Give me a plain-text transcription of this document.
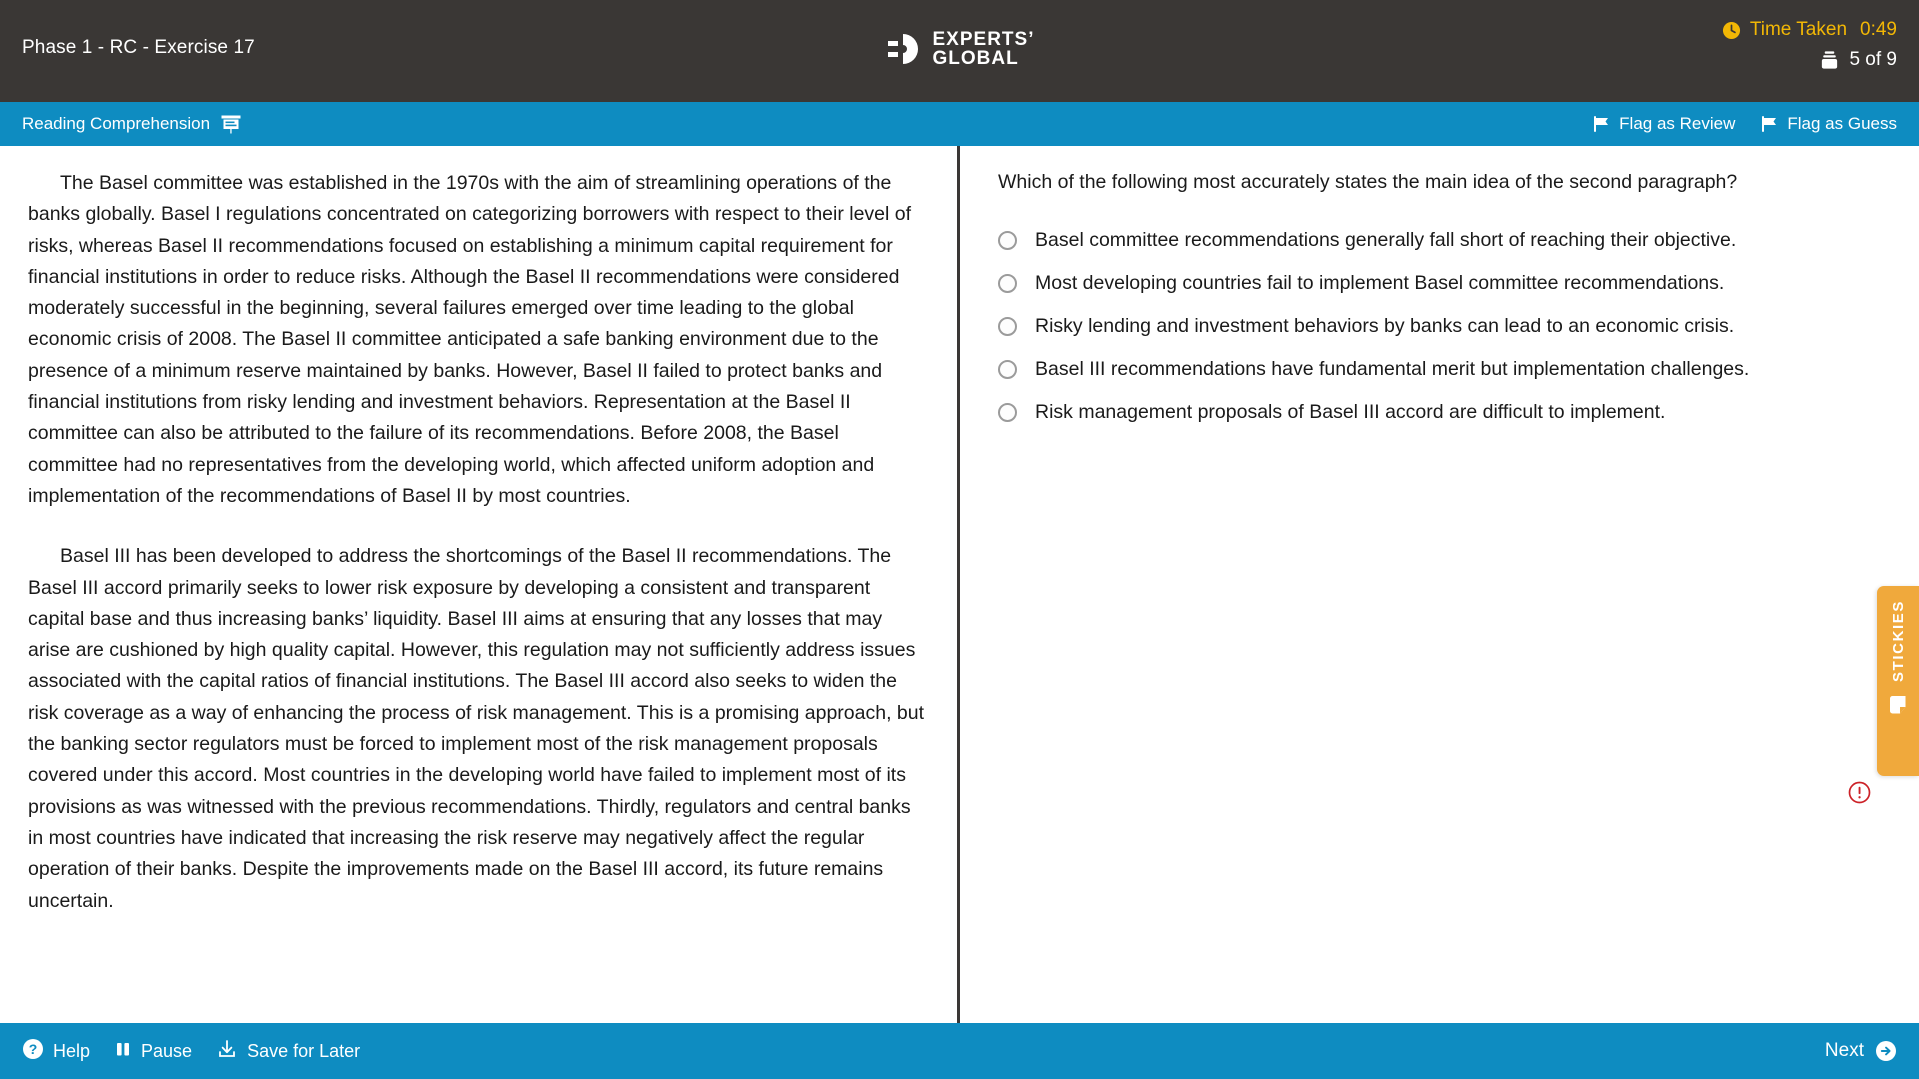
Phase 1 - RC - Exercise 17	EXPERTS’
GLOBAL
Time Taken 0:49
5 of 9
Reading Comprehension	Flag as Review	Flag as Guess

The Basel committee was established in the 1970s with the aim of streamlining operations of the banks globally. Basel I regulations concentrated on categorizing borrowers with respect to their level of risks, whereas Basel II recommendations focused on establishing a minimum capital requirement for financial institutions in order to reduce risks. Although the Basel II recommendations were considered moderately successful in the beginning, several failures emerged over time leading to the global economic crisis of 2008. The Basel II committee anticipated a safe banking environment due to the presence of a minimum reserve maintained by banks. However, Basel II failed to protect banks and financial institutions from risky lending and investment behaviors. Representation at the Basel II committee can also be attributed to the failure of its recommendations. Before 2008, the Basel committee had no representatives from the developing world, which affected uniform adoption and implementation of the recommendations of Basel II by most countries.

Basel III has been developed to address the shortcomings of the Basel II recommendations. The Basel III accord primarily seeks to lower risk exposure by developing a consistent and transparent capital base and thus increasing banks’ liquidity. Basel III aims at ensuring that any losses that may arise are cushioned by high quality capital. However, this regulation may not sufficiently address issues associated with the capital ratios of financial institutions. The Basel III accord also seeks to widen the risk coverage as a way of enhancing the process of risk management. This is a promising approach, but the banking sector regulators must be forced to implement most of the risk management proposals covered under this accord. Most countries in the developing world have failed to implement most of its provisions as was witnessed with the previous recommendations. Thirdly, regulators and central banks in most countries have indicated that increasing the risk reserve may negatively affect the regular operation of their banks. Despite the improvements made on the Basel III accord, its future remains uncertain.

Which of the following most accurately states the main idea of the second paragraph?
Basel committee recommendations generally fall short of reaching their objective.
Most developing countries fail to implement Basel committee recommendations.
Risky lending and investment behaviors by banks can lead to an economic crisis.
Basel III recommendations have fundamental merit but implementation challenges.
Risk management proposals of Basel III accord are difficult to implement.
STICKIES
? Help	Pause	Save for Later	Next
